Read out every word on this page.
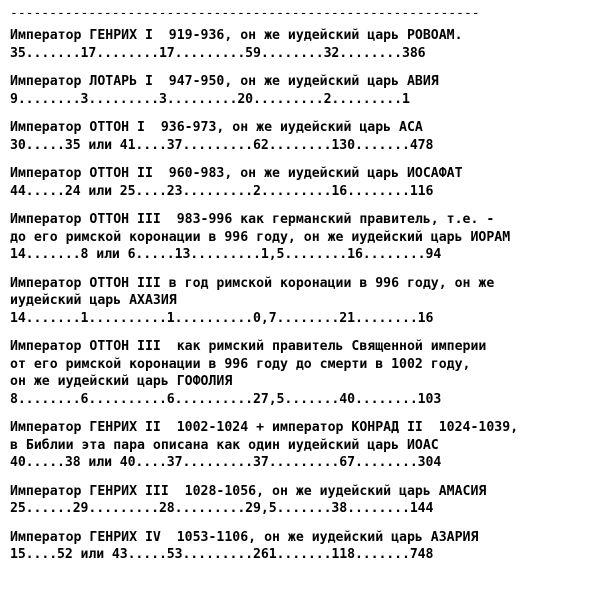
------------------------------------------------------------
Император ГЕНРИХ I  919-936, он же иудейский царь РОВОАМ.
35.......17........17.........59........32........386
Император ЛОТАРЬ I  947-950, он же иудейский царь АВИЯ
9........3.........3.........20.........2.........1
Император ОТТОН I  936-973, он же иудейский царь АСА
30.....35 или 41....37.........62........130.......478
Император ОТТОН II  960-983, он же иудейский царь ИОСАФАТ
44.....24 или 25....23.........2.........16........116
Император ОТТОН III  983-996 как германский правитель, т.е. -
до его римской коронации в 996 году, он же иудейский царь ИОРАМ
14.......8 или 6.....13.........1,5........16........94
Император ОТТОН III в год римской коронации в 996 году, он же
иудейский царь АХАЗИЯ
14.......1..........1..........0,7........21........16
Император ОТТОН III  как римский правитель Священной империи
от его римской коронации в 996 году до смерти в 1002 году,
он же иудейский царь ГОФОЛИЯ
8........6..........6..........27,5.......40........103
Император ГЕНРИХ II  1002-1024 + император КОНРАД II  1024-1039,
в Библии эта пара описана как один иудейский царь ИОАС
40.....38 или 40....37.........37.........67........304
Император ГЕНРИХ III  1028-1056, он же иудейский царь АМАСИЯ
25......29.........28.........29,5.......38........144
Император ГЕНРИХ IV  1053-1106, он же иудейский царь АЗАРИЯ
15....52 или 43.....53.........261.......118.......748
